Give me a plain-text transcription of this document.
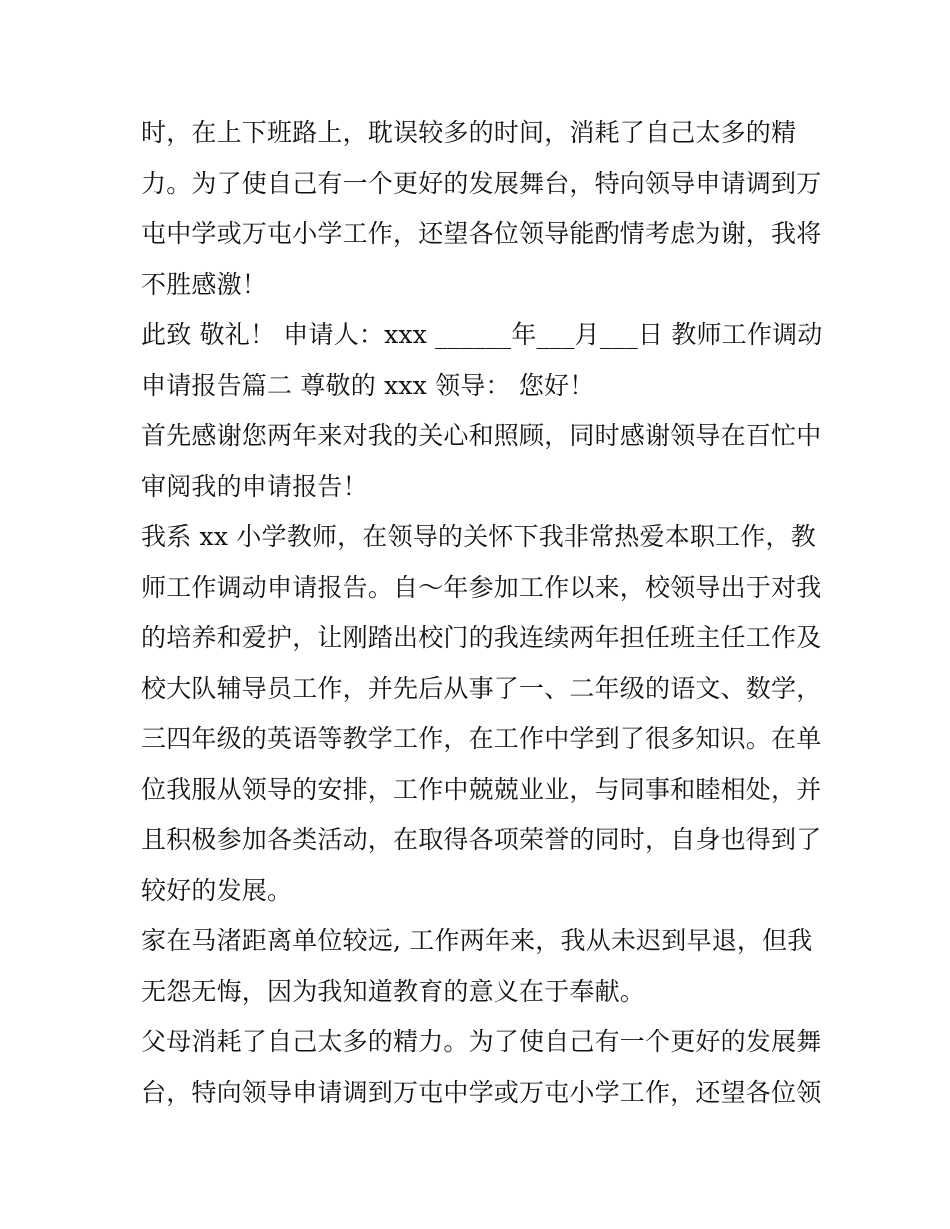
时，在上下班路上，耽误较多的时间，消耗了自己太多的精
力。为了使自己有一个更好的发展舞台，特向领导申请调到万
屯中学或万屯小学工作，还望各位领导能酌情考虑为谢，我将
不胜感激！
此致 敬礼！ 申请人：xxx ______年___月___日 教师工作调动
申请报告篇二 尊敬的 xxx 领导： 您好！
首先感谢您两年来对我的关心和照顾，同时感谢领导在百忙中
审阅我的申请报告！
我系 xx 小学教师，在领导的关怀下我非常热爱本职工作，教
师工作调动申请报告。自～年参加工作以来，校领导出于对我
的培养和爱护，让刚踏出校门的我连续两年担任班主任工作及
校大队辅导员工作，并先后从事了一、二年级的语文、数学，
三四年级的英语等教学工作，在工作中学到了很多知识。在单
位我服从领导的安排，工作中兢兢业业，与同事和睦相处，并
且积极参加各类活动，在取得各项荣誉的同时，自身也得到了
较好的发展。
家在马渚距离单位较远, 工作两年来，我从未迟到早退，但我
无怨无悔，因为我知道教育的意义在于奉献。
父母消耗了自己太多的精力。为了使自己有一个更好的发展舞
台，特向领导申请调到万屯中学或万屯小学工作，还望各位领
